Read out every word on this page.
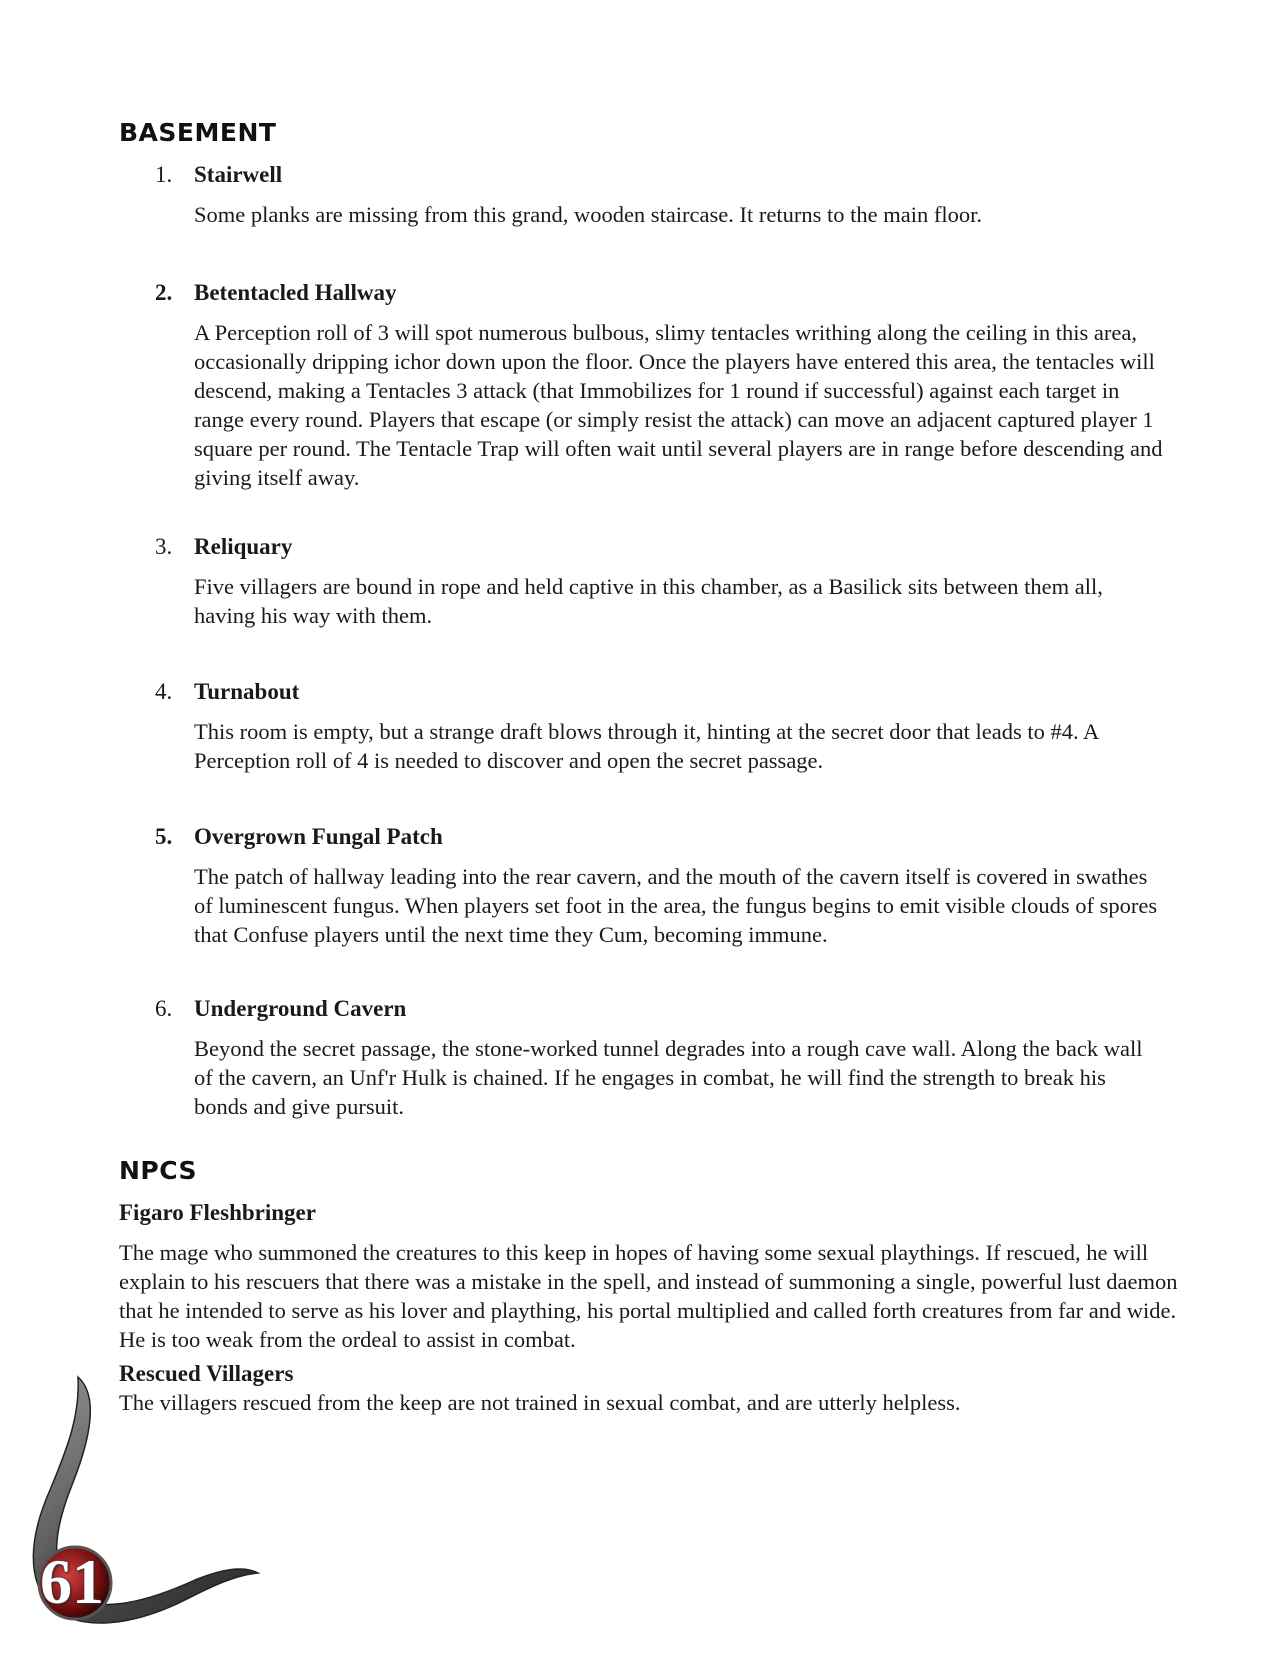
BASEMENT
1. Stairwell
Some planks are missing from this grand, wooden staircase. It returns to the main floor.
2. Betentacled Hallway
A Perception roll of 3 will spot numerous bulbous, slimy tentacles writhing along the ceiling in this area, occasionally dripping ichor down upon the floor. Once the players have entered this area, the tentacles will descend, making a Tentacles 3 attack (that Immobilizes for 1 round if successful) against each target in range every round. Players that escape (or simply resist the attack) can move an adjacent captured player 1 square per round. The Tentacle Trap will often wait until several players are in range before descending and giving itself away.
3. Reliquary
Five villagers are bound in rope and held captive in this chamber, as a Basilick sits between them all, having his way with them.
4. Turnabout
This room is empty, but a strange draft blows through it, hinting at the secret door that leads to #4. A Perception roll of 4 is needed to discover and open the secret passage.
5. Overgrown Fungal Patch
The patch of hallway leading into the rear cavern, and the mouth of the cavern itself is covered in swathes of luminescent fungus. When players set foot in the area, the fungus begins to emit visible clouds of spores that Confuse players until the next time they Cum, becoming immune.
6. Underground Cavern
Beyond the secret passage, the stone-worked tunnel degrades into a rough cave wall. Along the back wall of the cavern, an Unf'r Hulk is chained. If he engages in combat, he will find the strength to break his bonds and give pursuit.
NPCS
Figaro Fleshbringer
The mage who summoned the creatures to this keep in hopes of having some sexual playthings. If rescued, he will explain to his rescuers that there was a mistake in the spell, and instead of summoning a single, powerful lust daemon that he intended to serve as his lover and plaything, his portal multiplied and called forth creatures from far and wide. He is too weak from the ordeal to assist in combat.
Rescued Villagers
The villagers rescued from the keep are not trained in sexual combat, and are utterly helpless.
61
